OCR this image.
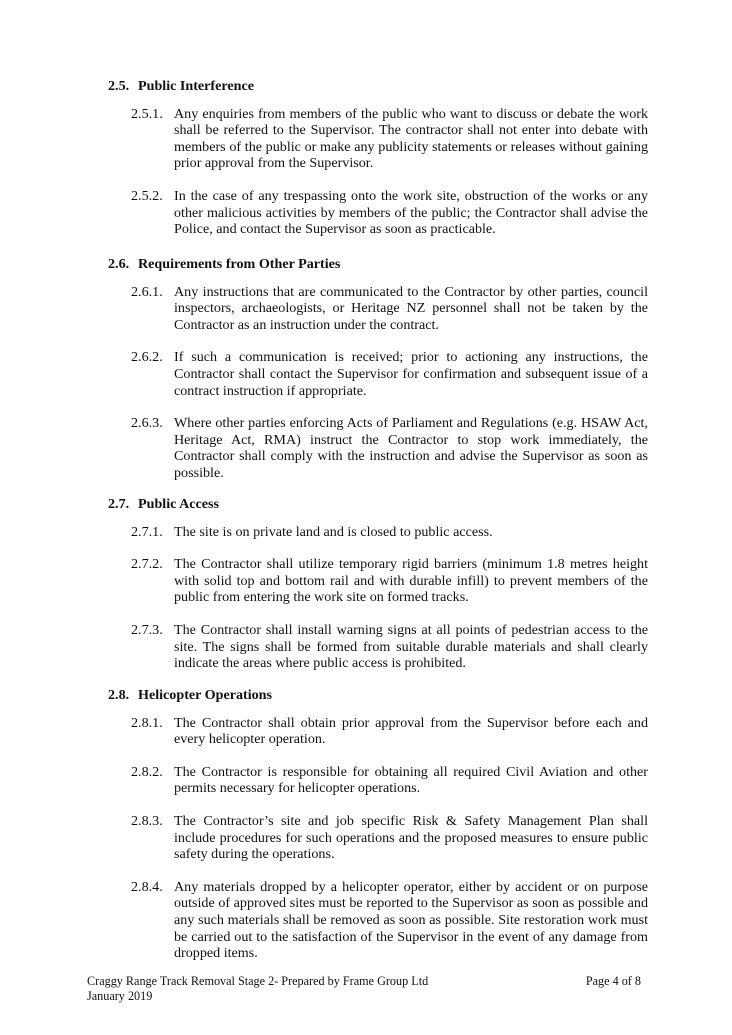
2.5. Public Interference

2.5.1. Any enquiries from members of the public who want to discuss or debate the work shall be referred to the Supervisor. The contractor shall not enter into debate with members of the public or make any publicity statements or releases without gaining prior approval from the Supervisor.
2.5.2. In the case of any trespassing onto the work site, obstruction of the works or any other malicious activities by members of the public; the Contractor shall advise the Police, and contact the Supervisor as soon as practicable.

2.6. Requirements from Other Parties

2.6.1. Any instructions that are communicated to the Contractor by other parties, council inspectors, archaeologists, or Heritage NZ personnel shall not be taken by the Contractor as an instruction under the contract.
2.6.2. If such a communication is received; prior to actioning any instructions, the Contractor shall contact the Supervisor for confirmation and subsequent issue of a contract instruction if appropriate.
2.6.3. Where other parties enforcing Acts of Parliament and Regulations (e.g. HSAW Act, Heritage Act, RMA) instruct the Contractor to stop work immediately, the Contractor shall comply with the instruction and advise the Supervisor as soon as possible.

2.7. Public Access

2.7.1. The site is on private land and is closed to public access.
2.7.2. The Contractor shall utilize temporary rigid barriers (minimum 1.8 metres height with solid top and bottom rail and with durable infill) to prevent members of the public from entering the work site on formed tracks.
2.7.3. The Contractor shall install warning signs at all points of pedestrian access to the site. The signs shall be formed from suitable durable materials and shall clearly indicate the areas where public access is prohibited.

2.8. Helicopter Operations

2.8.1. The Contractor shall obtain prior approval from the Supervisor before each and every helicopter operation.
2.8.2. The Contractor is responsible for obtaining all required Civil Aviation and other permits necessary for helicopter operations.
2.8.3. The Contractor’s site and job specific Risk & Safety Management Plan shall include procedures for such operations and the proposed measures to ensure public safety during the operations.
2.8.4. Any materials dropped by a helicopter operator, either by accident or on purpose outside of approved sites must be reported to the Supervisor as soon as possible and any such materials shall be removed as soon as possible. Site restoration work must be carried out to the satisfaction of the Supervisor in the event of any damage from dropped items.
Craggy Range Track Removal Stage 2- Prepared by Frame Group Ltd
January 2019
Page 4 of 8
